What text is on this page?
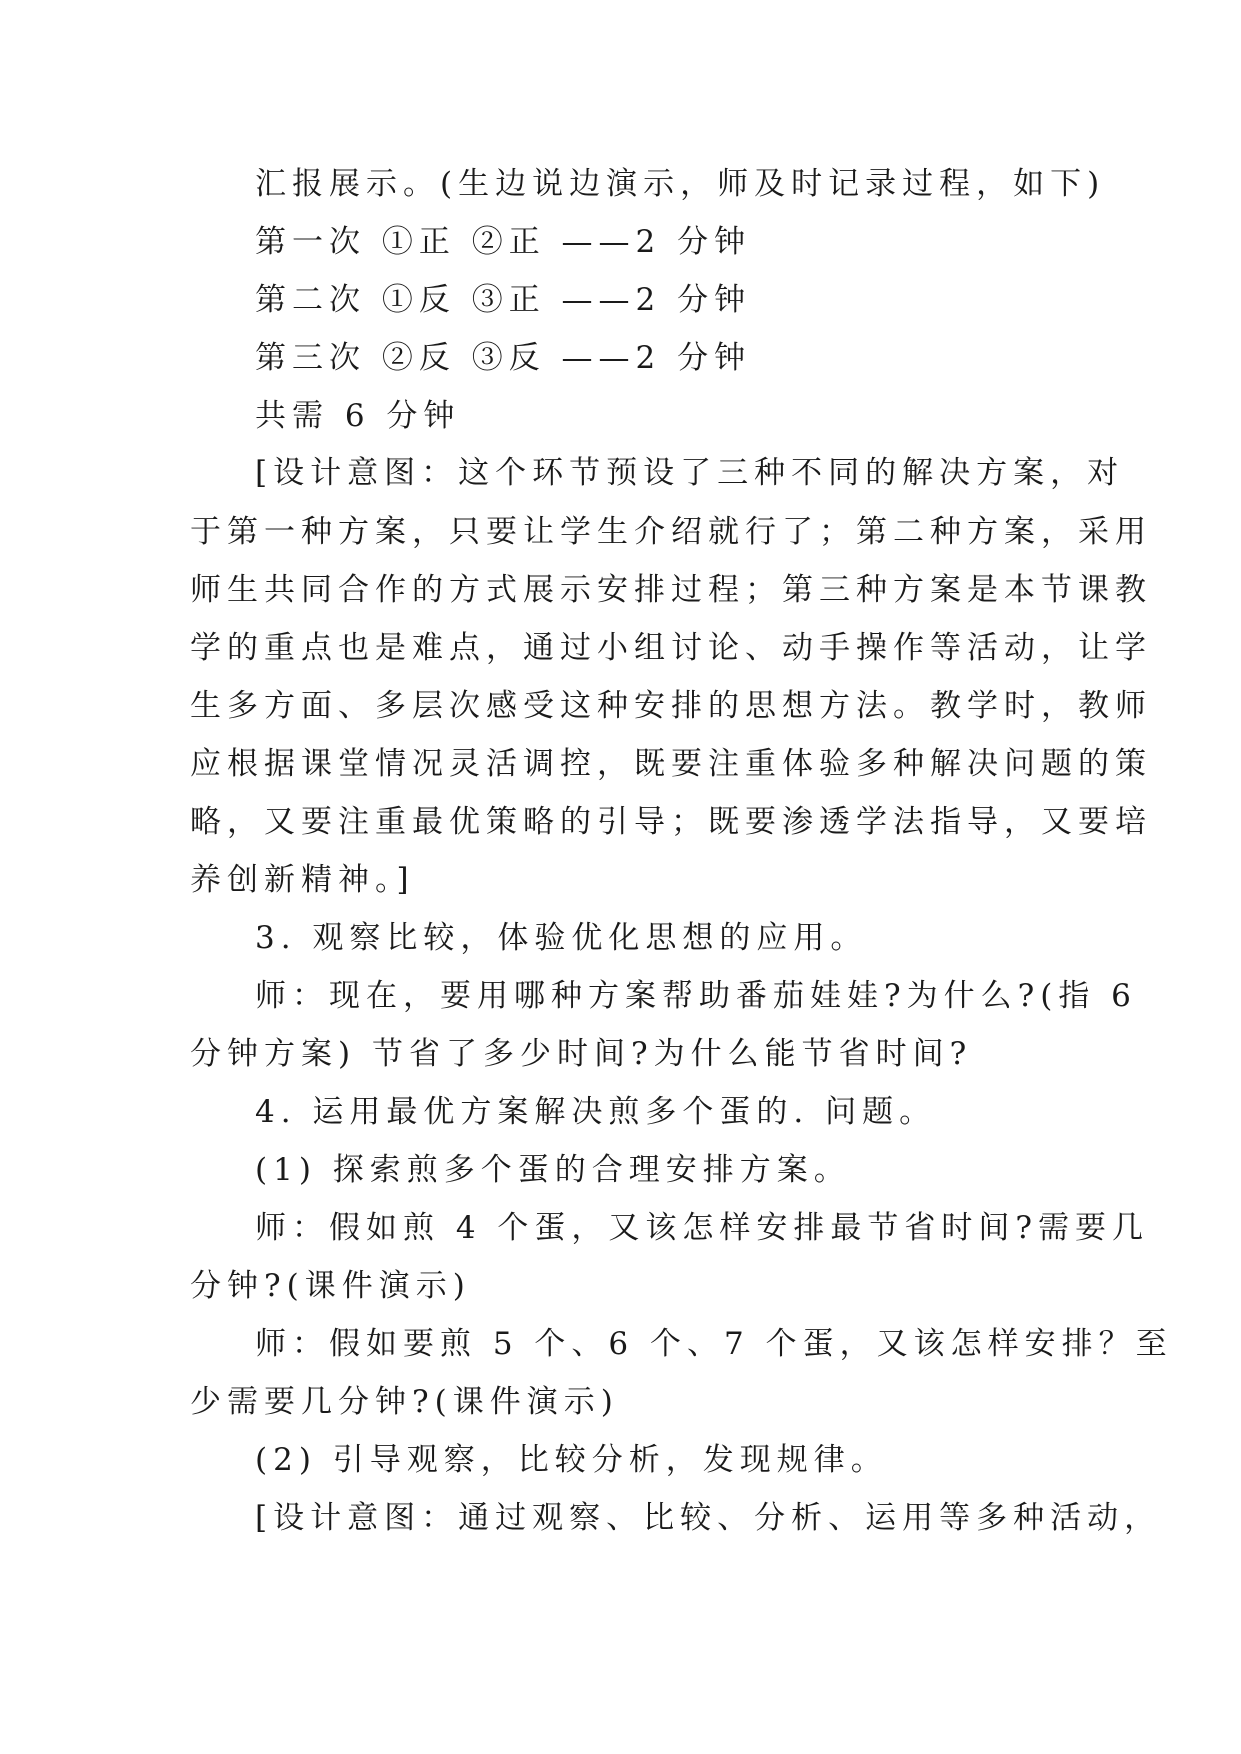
汇报展示。(生边说边演示，师及时记录过程，如下)
第一次 ①正 ②正 ——2 分钟
第二次 ①反 ③正 ——2 分钟
第三次 ②反 ③反 ——2 分钟
共需 6 分钟
[设计意图：这个环节预设了三种不同的解决方案，对
于第一种方案，只要让学生介绍就行了；第二种方案，采用
师生共同合作的方式展示安排过程；第三种方案是本节课教
学的重点也是难点，通过小组讨论、动手操作等活动，让学
生多方面、多层次感受这种安排的思想方法。教学时，教师
应根据课堂情况灵活调控，既要注重体验多种解决问题的策
略，又要注重最优策略的引导；既要渗透学法指导，又要培
养创新精神。]
3. 观察比较，体验优化思想的应用。
师：现在，要用哪种方案帮助番茄娃娃?为什么?(指 6
分钟方案) 节省了多少时间?为什么能节省时间?
4. 运用最优方案解决煎多个蛋的. 问题。
(1) 探索煎多个蛋的合理安排方案。
师：假如煎 4 个蛋，又该怎样安排最节省时间?需要几
分钟?(课件演示)
师：假如要煎 5 个、6 个、7 个蛋，又该怎样安排？至
少需要几分钟?(课件演示)
(2) 引导观察，比较分析，发现规律。
[设计意图：通过观察、比较、分析、运用等多种活动，
